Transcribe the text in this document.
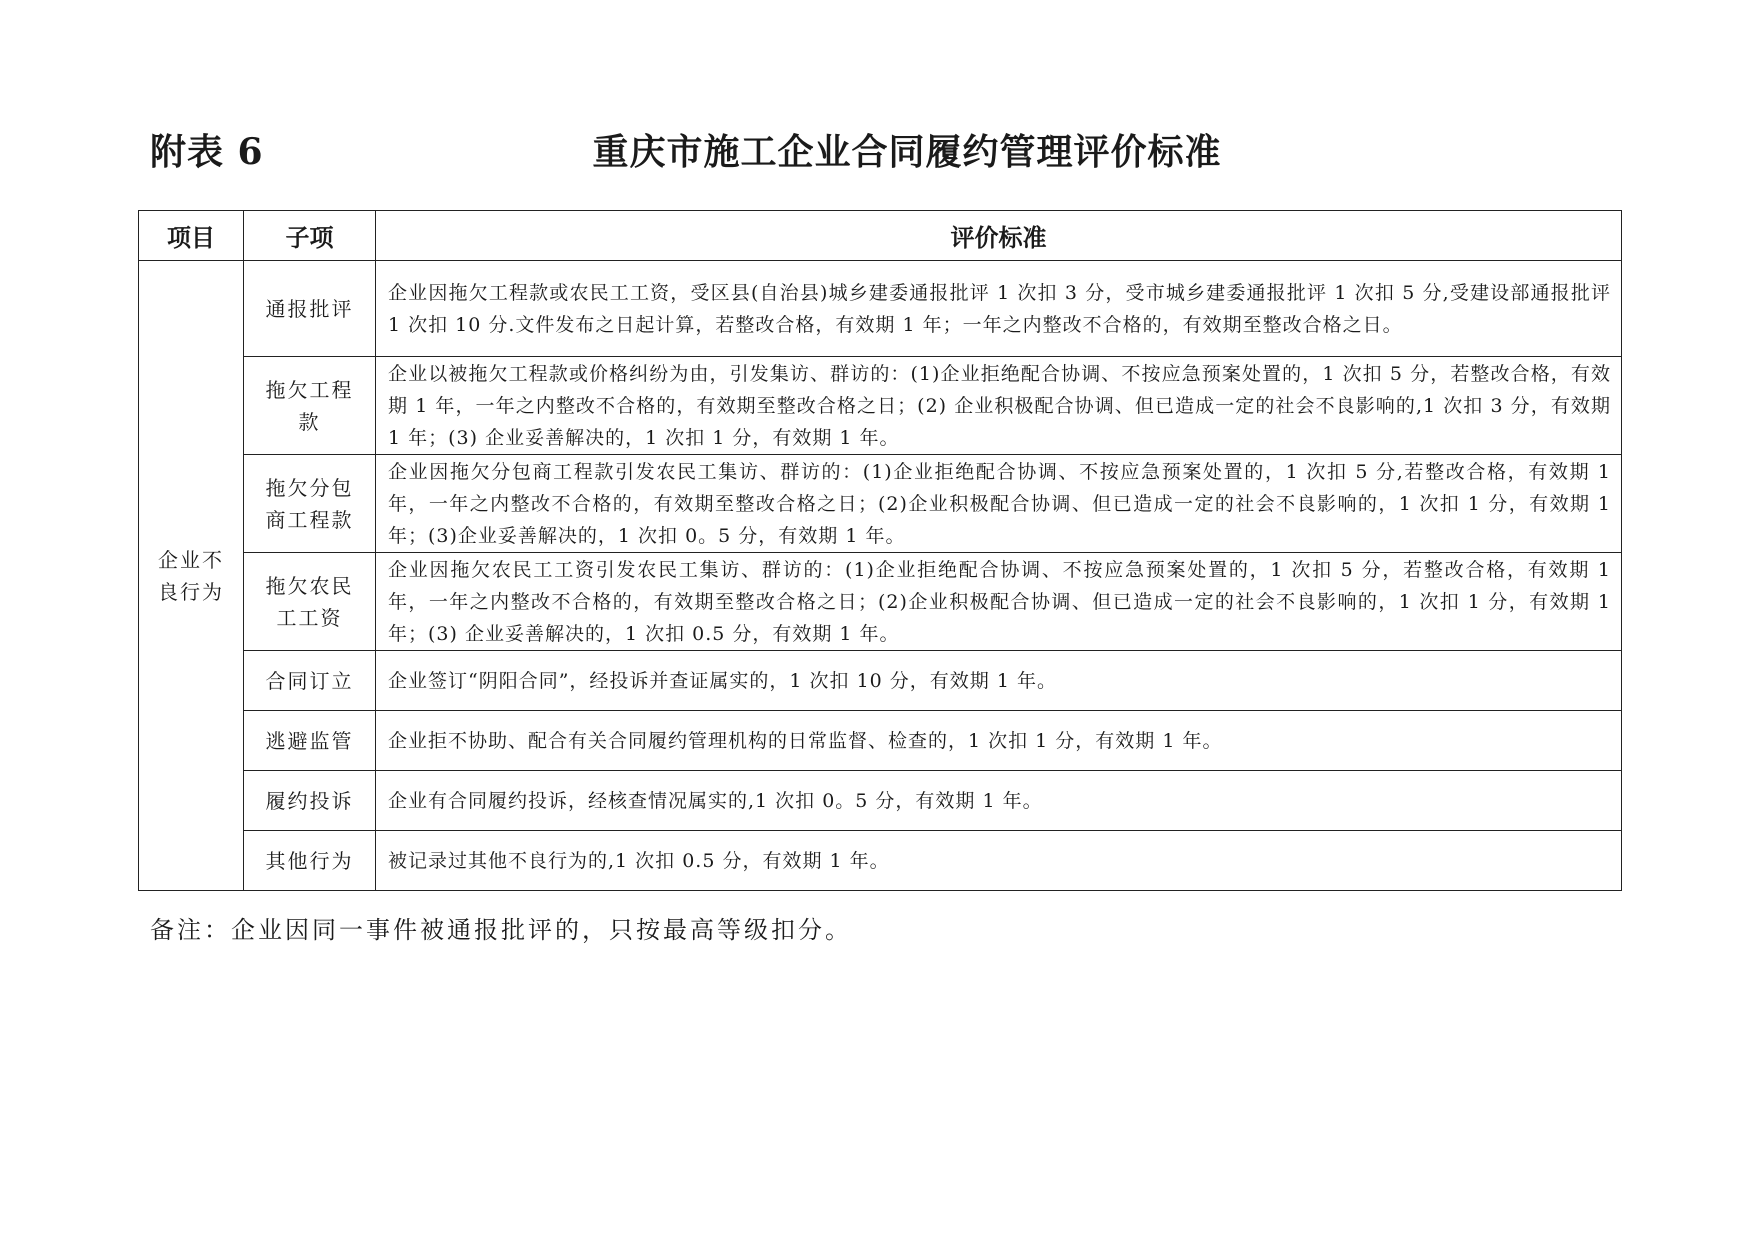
附表 6	重庆市施工企业合同履约管理评价标准
项目	子项	评价标准
企业不良行为	通报批评	企业因拖欠工程款或农民工工资，受区县(自治县)城乡建委通报批评 1 次扣 3 分，受市城乡建委通报批评 1 次扣 5 分,受建设部通报批评 1 次扣 10 分.文件发布之日起计算，若整改合格，有效期 1 年；一年之内整改不合格的，有效期至整改合格之日。
	拖欠工程款	企业以被拖欠工程款或价格纠纷为由，引发集访、群访的：(1)企业拒绝配合协调、不按应急预案处置的，1 次扣 5 分，若整改合格，有效期 1 年，一年之内整改不合格的，有效期至整改合格之日；(2) 企业积极配合协调、但已造成一定的社会不良影响的,1 次扣 3 分，有效期 1 年；(3) 企业妥善解决的，1 次扣 1 分，有效期 1 年。
	拖欠分包商工程款	企业因拖欠分包商工程款引发农民工集访、群访的：(1)企业拒绝配合协调、不按应急预案处置的，1 次扣 5 分,若整改合格，有效期 1 年，一年之内整改不合格的，有效期至整改合格之日；(2)企业积极配合协调、但已造成一定的社会不良影响的，1 次扣 1 分，有效期 1 年；(3)企业妥善解决的，1 次扣 0。5 分，有效期 1 年。
	拖欠农民工工资	企业因拖欠农民工工资引发农民工集访、群访的：(1)企业拒绝配合协调、不按应急预案处置的，1 次扣 5 分，若整改合格，有效期 1 年，一年之内整改不合格的，有效期至整改合格之日；(2)企业积极配合协调、但已造成一定的社会不良影响的，1 次扣 1 分，有效期 1 年；(3) 企业妥善解决的，1 次扣 0.5 分，有效期 1 年。
	合同订立	企业签订“阴阳合同”，经投诉并查证属实的，1 次扣 10 分，有效期 1 年。
	逃避监管	企业拒不协助、配合有关合同履约管理机构的日常监督、检查的，1 次扣 1 分，有效期 1 年。
	履约投诉	企业有合同履约投诉，经核查情况属实的,1 次扣 0。5 分，有效期 1 年。
	其他行为	被记录过其他不良行为的,1 次扣 0.5 分，有效期 1 年。
备注：企业因同一事件被通报批评的，只按最高等级扣分。
